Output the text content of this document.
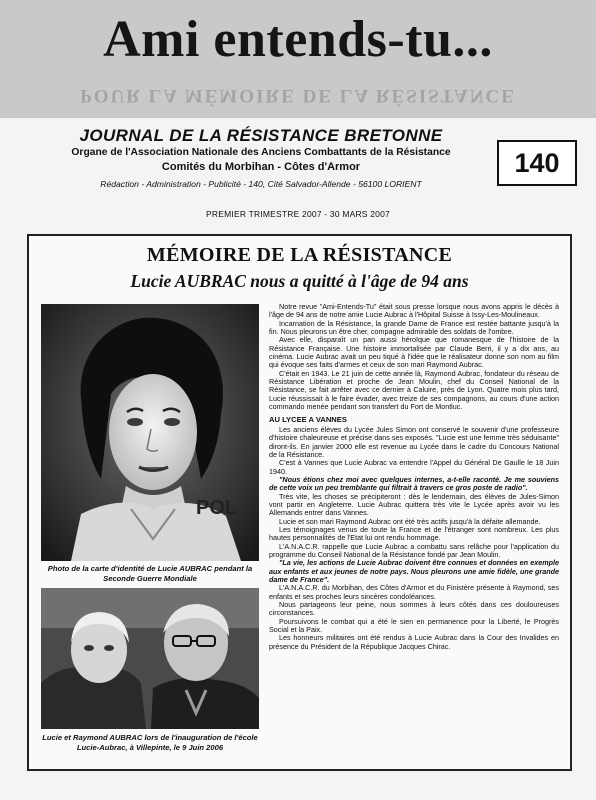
Ami entends-tu...
POUR LA MÉMOIRE DE LA RÉSISTANCE
JOURNAL DE LA RÉSISTANCE BRETONNE
Organe de l'Association Nationale des Anciens Combattants de la Résistance
Comités du Morbihan - Côtes d'Armor
Rédaction - Administration - Publicité - 140, Cité Salvador-Allende - 56100 LORIENT
140
PREMIER TRIMESTRE 2007 - 30 MARS 2007
MÉMOIRE DE LA RÉSISTANCE
Lucie AUBRAC nous a quitté à l'âge de 94 ans
POL
Photo de la carte d'identité de Lucie AUBRAC pendant la Seconde Guerre Mondiale
Lucie et Raymond AUBRAC lors de l'inauguration de l'école Lucie-Aubrac, à Villepinte, le 9 Juin 2006

Notre revue "Ami-Entends-Tu" était sous presse lorsque nous avons appris le décès à l'âge de 94 ans de notre amie Lucie Aubrac à l'Hôpital Suisse à Issy-Les-Moulineaux.

Incarnation de la Résistance, la grande Dame de France est restée battante jusqu'à la fin. Nous pleurons un être cher, compagne admirable des soldats de l'ombre.

Avec elle, disparaît un pan aussi héroïque que romanesque de l'histoire de la Résistance Française. Une histoire immortalisée par Claude Berri, il y a dix ans, au cinéma. Lucie Aubrac avait un peu tiqué à l'idée que le réalisateur donne son nom au film qui évoque ses faits d'armes et ceux de son mari Raymond Aubrac.

C'était en 1943. Le 21 juin de cette année là, Raymond Aubrac, fondateur du réseau de Résistance Libération et proche de Jean Moulin, chef du Conseil National de la Résistance, se fait arrêter avec ce dernier à Caluire, près de Lyon. Quatre mois plus tard, Lucie réussissait à le faire évader, avec treize de ses compagnons, au cours d'une action commando menée pendant son transfert du Fort de Montluc.

AU LYCEE A VANNES

Les anciens élèves du Lycée Jules Simon ont conservé le souvenir d'une professeure d'histoire chaleureuse et précise dans ses exposés. "Lucie est une femme très séduisante" diront-ils. En janvier 2000 elle est revenue au Lycée dans le cadre du Concours National de la Résistance.

C'est à Vannes que Lucie Aubrac va entendre l'Appel du Général De Gaulle le 18 Juin 1940.

"Nous étions chez moi avec quelques internes, a-t-elle raconté. Je me souviens de cette voix un peu tremblante qui filtrait à travers ce gros poste de radio".

Très vite, les choses se précipiteront : dès le lendemain, des élèves de Jules-Simon vont partir en Angleterre. Lucie Aubrac quittera très vite le Lycée après avoir vu les Allemands entrer dans Vannes.

Lucie et son mari Raymond Aubrac ont été très actifs jusqu'à la défaite allemande.

Les témoignages venus de toute la France et de l'étranger sont nombreux. Les plus hautes personnalités de l'Etat lui ont rendu hommage.

L'A.N.A.C.R. rappelle que Lucie Aubrac a combattu sans relâche pour l'application du programme du Conseil National de la Résistance fondé par Jean Moulin.

"La vie, les actions de Lucie Aubrac doivent être connues et données en exemple aux enfants et aux jeunes de notre pays. Nous pleurons une amie fidèle, une grande dame de France".

L'A.N.A.C.R. du Morbihan, des Côtes d'Armor et du Finistère présente à Raymond, ses enfants et ses proches leurs sincères condoléances.

Nous partageons leur peine, nous sommes à leurs côtés dans ces douloureuses circonstances.

Poursuivons le combat qui a été le sien en permanence pour la Liberté, le Progrès Social et la Paix.

Les honneurs militaires ont été rendus à Lucie Aubrac dans la Cour des Invalides en présence du Président de la République Jacques Chirac.
